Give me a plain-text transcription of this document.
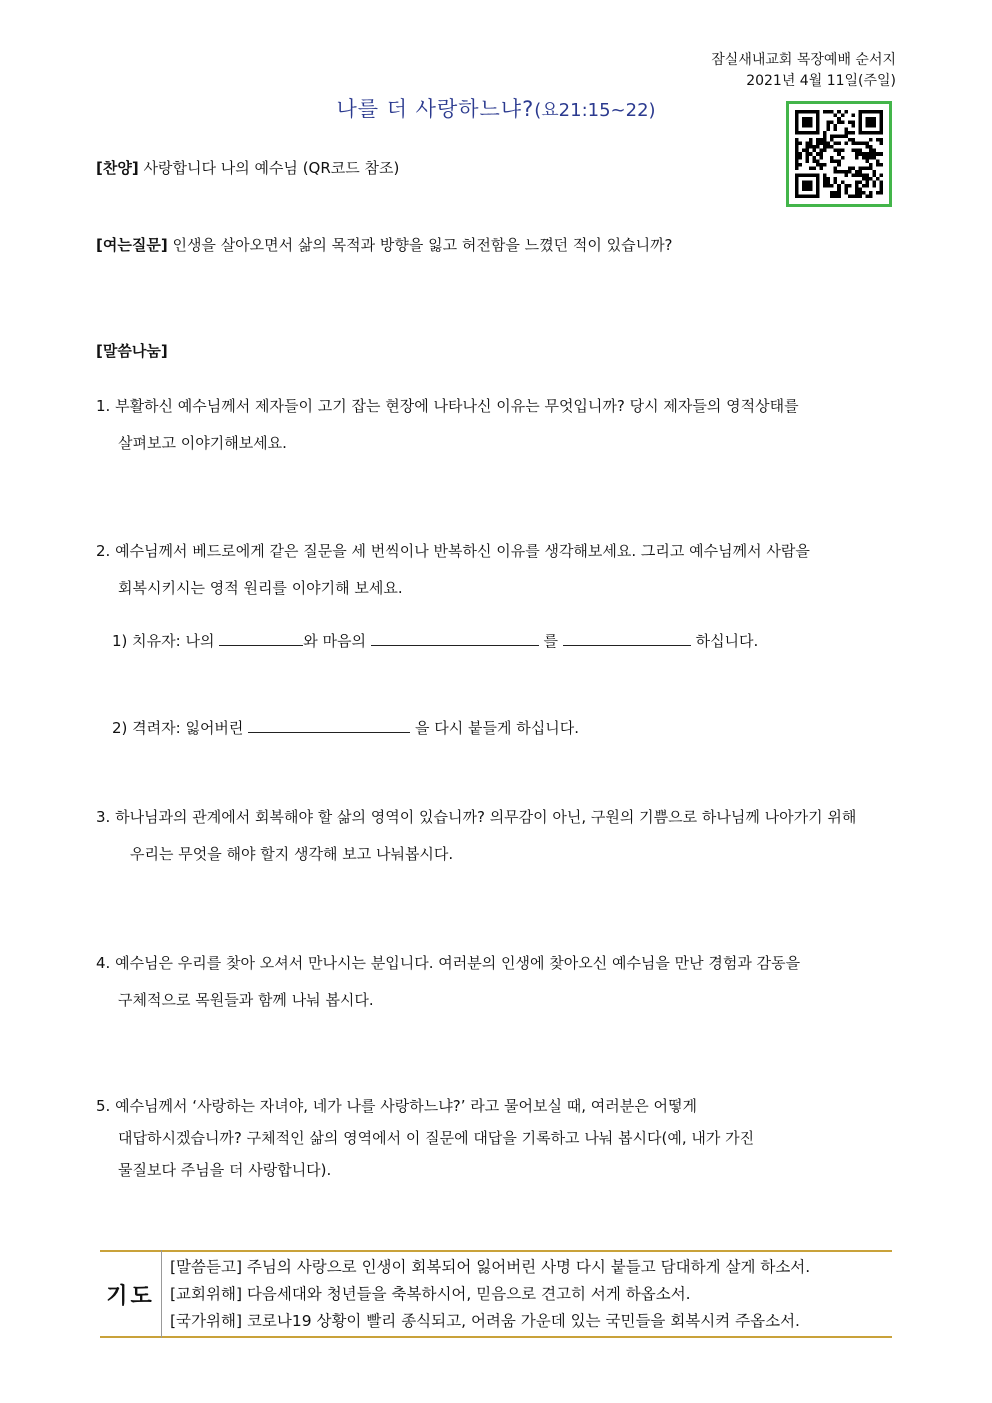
잠실새내교회 목장예배 순서지
2021년 4월 11일(주일)
나를 더 사랑하느냐?(요21:15~22)
[찬양] 사랑합니다 나의 예수님 (QR코드 참조)
[여는질문] 인생을 살아오면서 삶의 목적과 방향을 잃고 허전함을 느꼈던 적이 있습니까?
[말씀나눔]
1. 부활하신 예수님께서 제자들이 고기 잡는 현장에 나타나신 이유는 무엇입니까? 당시 제자들의 영적상태를
살펴보고 이야기해보세요.
2. 예수님께서 베드로에게 같은 질문을 세 번씩이나 반복하신 이유를 생각해보세요. 그리고 예수님께서 사람을
회복시키시는 영적 원리를 이야기해 보세요.
1) 치유자: 나의	와 마음의	를	하십니다.
2) 격려자: 잃어버린	을 다시 붙들게 하십니다.
3. 하나님과의 관계에서 회복해야 할 삶의 영역이 있습니까? 의무감이 아닌, 구원의 기쁨으로 하나님께 나아가기 위해
우리는 무엇을 해야 할지 생각해 보고 나눠봅시다.
4. 예수님은 우리를 찾아 오셔서 만나시는 분입니다. 여러분의 인생에 찾아오신 예수님을 만난 경험과 감동을
구체적으로 목원들과 함께 나눠 봅시다.
5. 예수님께서 ‘사랑하는 자녀야, 네가 나를 사랑하느냐?’ 라고 물어보실 때, 여러분은 어떻게
대답하시겠습니까? 구체적인 삶의 영역에서 이 질문에 대답을 기록하고 나눠 봅시다(예, 내가 가진
물질보다 주님을 더 사랑합니다).
기도
[말씀듣고] 주님의 사랑으로 인생이 회복되어 잃어버린 사명 다시 붙들고 담대하게 살게 하소서.
[교회위해] 다음세대와 청년들을 축복하시어, 믿음으로 견고히 서게 하옵소서.
[국가위해] 코로나19 상황이 빨리 종식되고, 어려움 가운데 있는 국민들을 회복시켜 주옵소서.
